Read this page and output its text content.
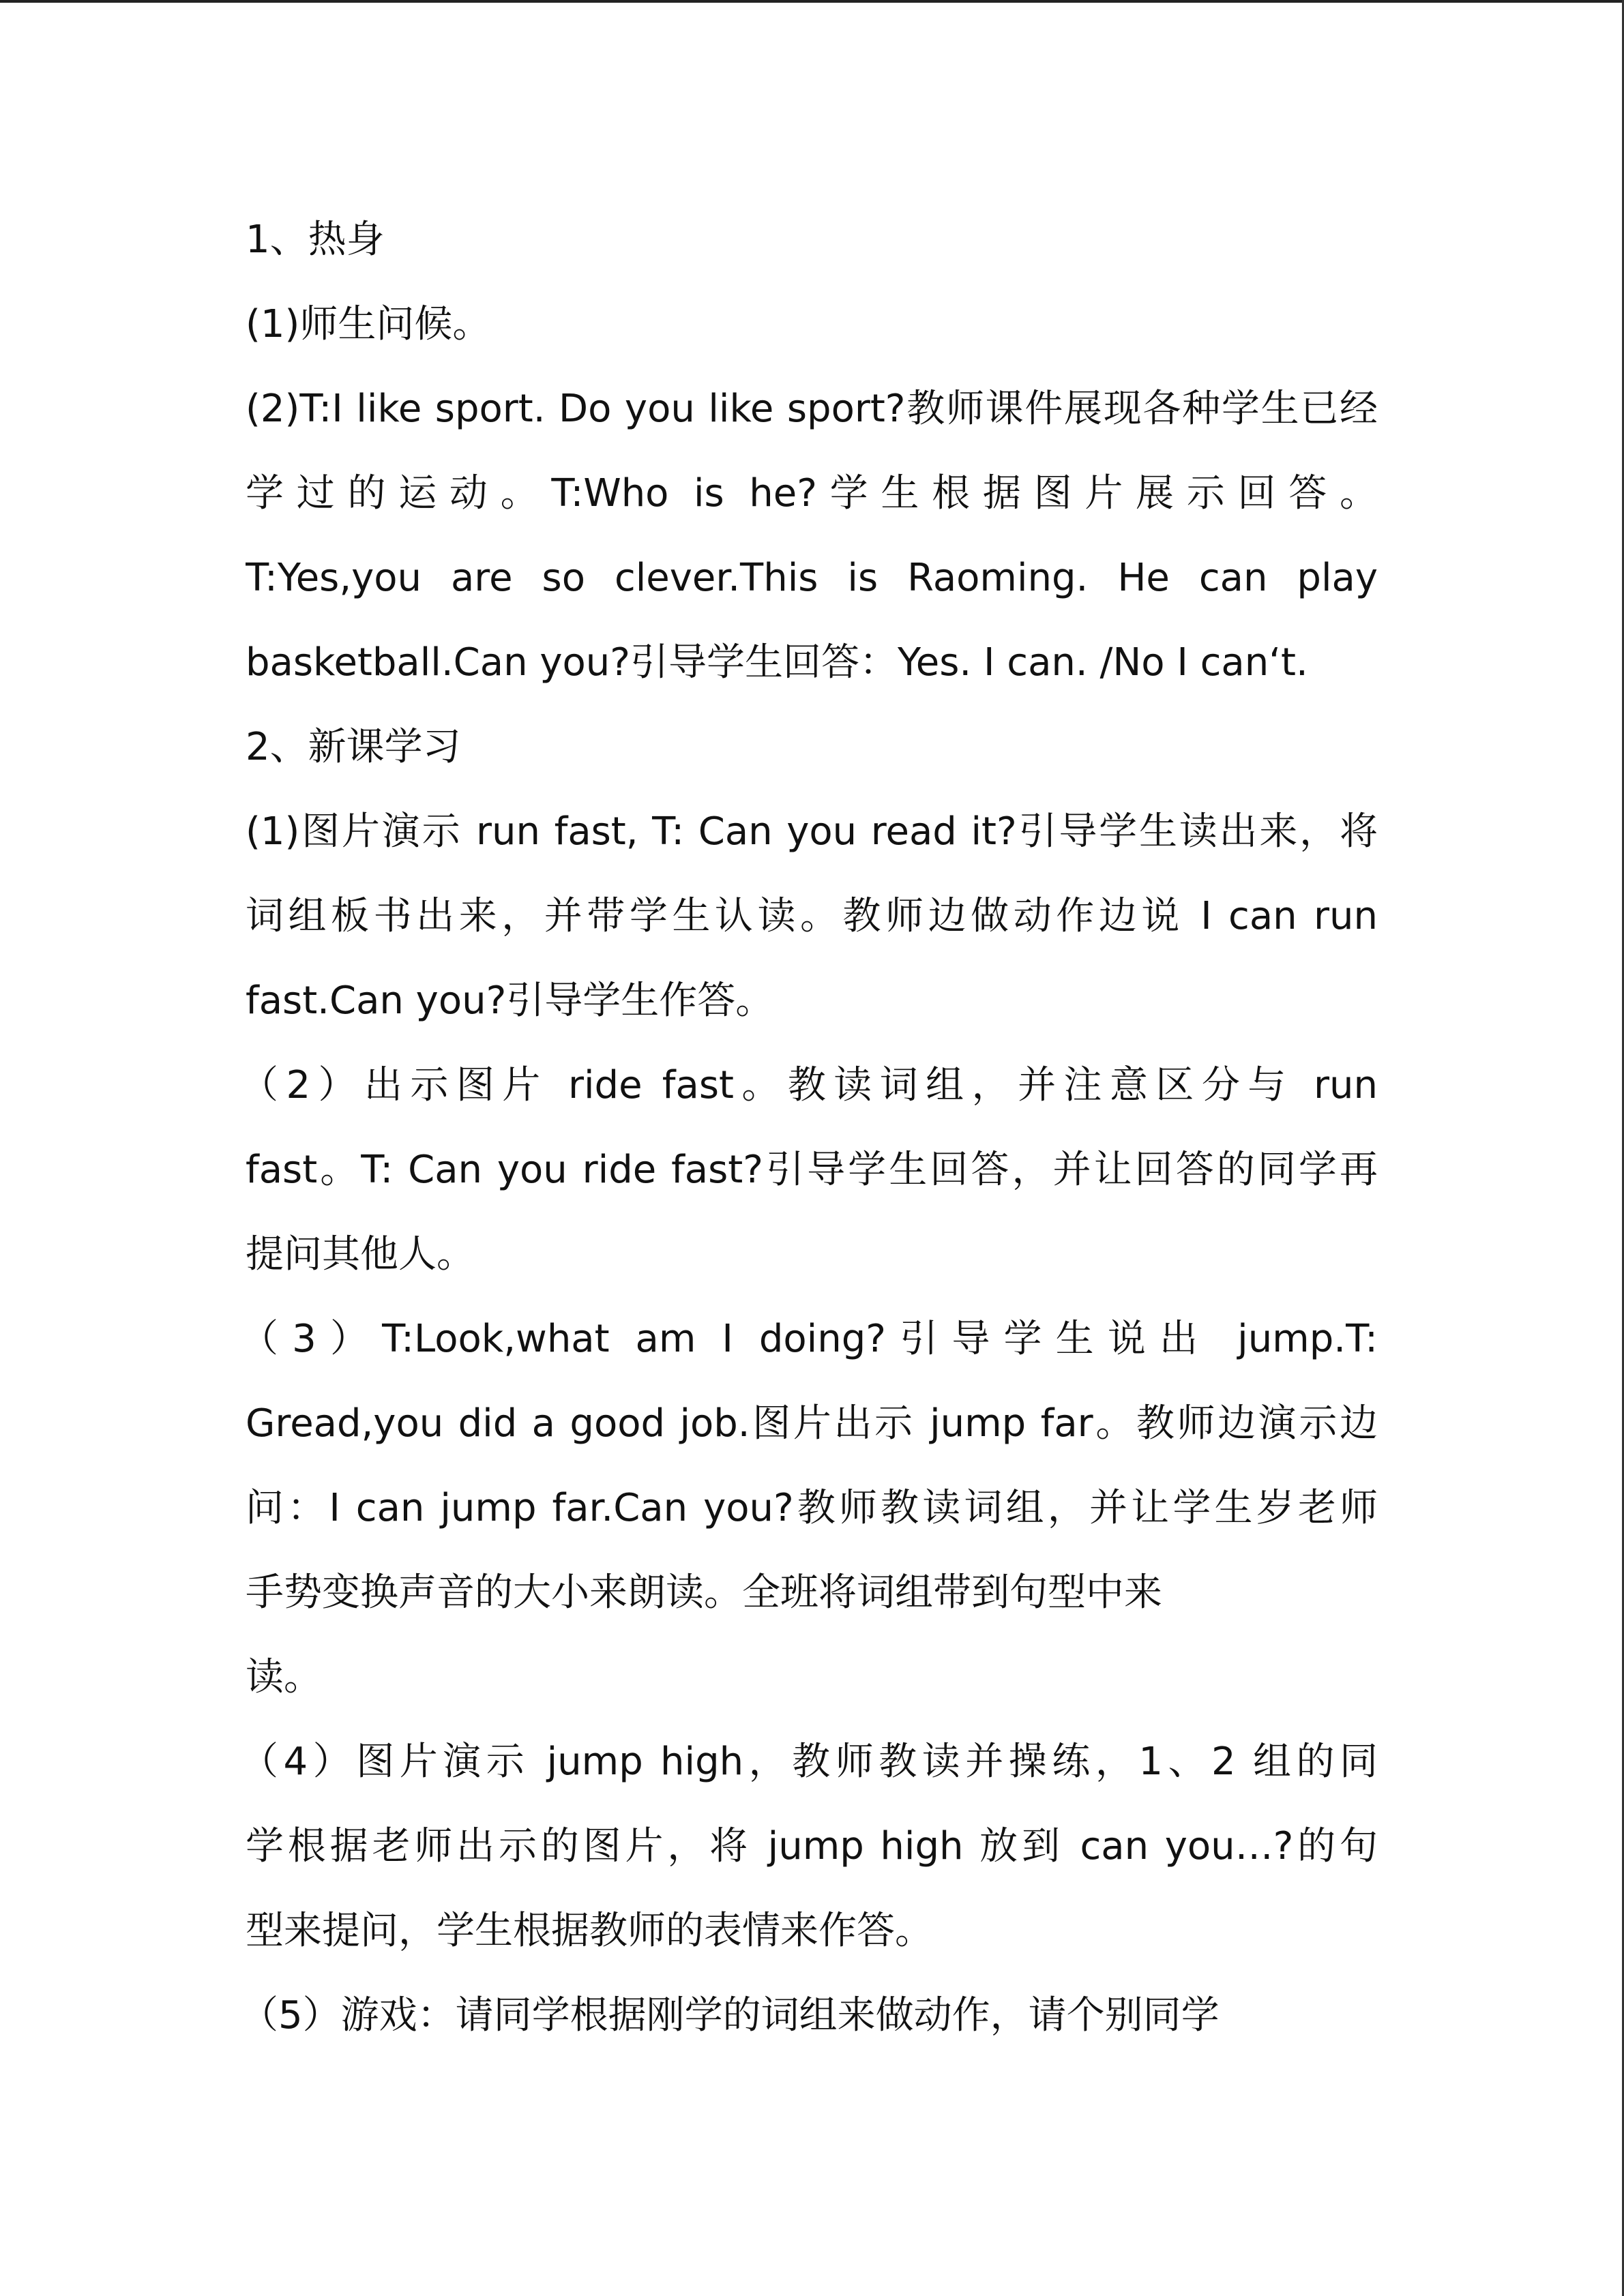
1、热身
(1)师生问候。
(2)T:I like sport. Do you like sport?教师课件展现各种学生已经
学过的运动。T:Who is he?学生根据图片展示回答。
T:Yes,you are so clever.This is Raoming. He can play
basketball.Can you?引导学生回答：Yes. I can. /No I can‘t.
2、新课学习
(1)图片演示 run fast, T: Can you read it?引导学生读出来，将
词组板书出来，并带学生认读。教师边做动作边说 I can run
fast.Can you?引导学生作答。
（2）出示图片 ride fast。教读词组，并注意区分与 run
fast。T: Can you ride fast?引导学生回答，并让回答的同学再
提问其他人。
（3）T:Look,what am I doing?引导学生说出 jump.T:
Gread,you did a good job.图片出示 jump far。教师边演示边
问：I can jump far.Can you?教师教读词组，并让学生岁老师
手势变换声音的大小来朗读。全班将词组带到句型中来
读。
（4）图片演示 jump high，教师教读并操练，1、2 组的同
学根据老师出示的图片，将 jump high 放到 can you…?的句
型来提问，学生根据教师的表情来作答。
（5）游戏：请同学根据刚学的词组来做动作，请个别同学
